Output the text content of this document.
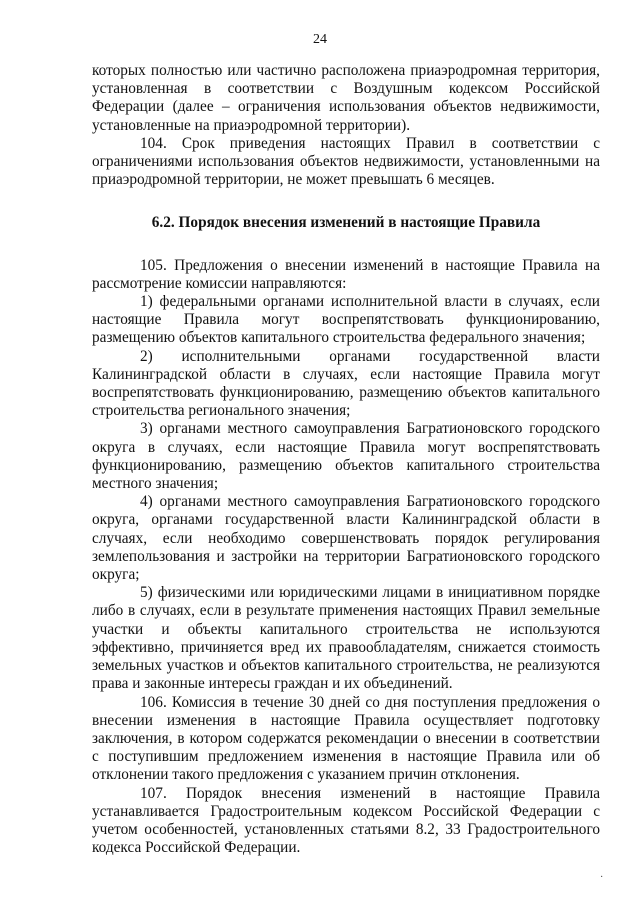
24

которых полностью или частично расположена приаэродромная территория, установленная в соответствии с Воздушным кодексом Российской Федерации (далее – ограничения использования объектов недвижимости, установленные на приаэродромной территории).

104. Срок приведения настоящих Правил в соответствии с ограничениями использования объектов недвижимости, установленными на приаэродромной территории, не может превышать 6 месяцев.

6.2. Порядок внесения изменений в настоящие Правила

105. Предложения о внесении изменений в настоящие Правила на рассмотрение комиссии направляются:

1) федеральными органами исполнительной власти в случаях, если настоящие Правила могут воспрепятствовать функционированию, размещению объектов капитального строительства федерального значения;

2) исполнительными органами государственной власти Калининградской области в случаях, если настоящие Правила могут воспрепятствовать функционированию, размещению объектов капитального строительства регионального значения;

3) органами местного самоуправления Багратионовского городского округа в случаях, если настоящие Правила могут воспрепятствовать функционированию, размещению объектов капитального строительства местного значения;

4) органами местного самоуправления Багратионовского городского округа, органами государственной власти Калининградской области в случаях, если необходимо совершенствовать порядок регулирования землепользования и застройки на территории Багратионовского городского округа;

5) физическими или юридическими лицами в инициативном порядке либо в случаях, если в результате применения настоящих Правил земельные участки и объекты капитального строительства не используются эффективно, причиняется вред их правообладателям, снижается стоимость земельных участков и объектов капитального строительства, не реализуются права и законные интересы граждан и их объединений.

106. Комиссия в течение 30 дней со дня поступления предложения о внесении изменения в настоящие Правила осуществляет подготовку заключения, в котором содержатся рекомендации о внесении в соответствии с поступившим предложением изменения в настоящие Правила или об отклонении такого предложения с указанием причин отклонения.

107. Порядок внесения изменений в настоящие Правила устанавливается Градостроительным кодексом Российской Федерации с учетом особенностей, установленных статьями 8.2, 33 Градостроительного кодекса Российской Федерации.

·
